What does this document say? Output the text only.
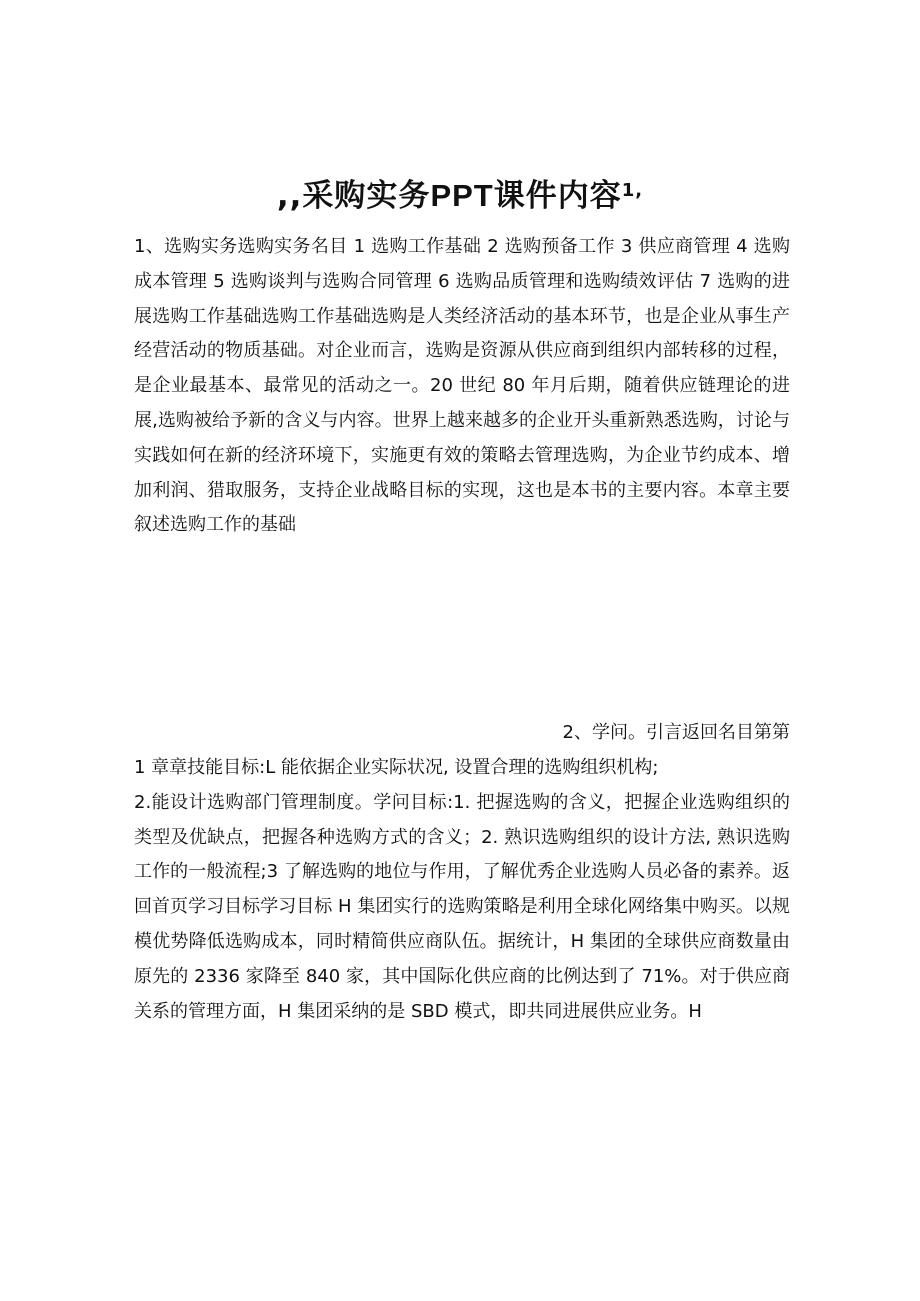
,,采购实务PPT课件内容$^{1,}$

1、选购实务选购实务名目 1 选购工作基础 2 选购预备工作 3 供应商管理 4 选购成本管理 5 选购谈判与选购合同管理 6 选购品质管理和选购绩效评估 7 选购的进展选购工作基础选购工作基础选购是人类经济活动的基本环节，也是企业从事生产经营活动的物质基础。对企业而言，选购是资源从供应商到组织内部转移的过程，是企业最基本、最常见的活动之一。20 世纪 80 年月后期，随着供应链理论的进展,选购被给予新的含义与内容。世界上越来越多的企业开头重新熟悉选购，讨论与实践如何在新的经济环境下，实施更有效的策略去管理选购，为企业节约成本、增加利润、猎取服务，支持企业战略目标的实现，这也是本书的主要内容。本章主要叙述选购工作的基础

2、学问。引言返回名目第第

1 章章技能目标:L 能依据企业实际状况, 设置合理的选购组织机构;
2.能设计选购部门管理制度。学问目标:1. 把握选购的含义，把握企业选购组织的类型及优缺点，把握各种选购方式的含义；2. 熟识选购组织的设计方法, 熟识选购工作的一般流程;3 了解选购的地位与作用，了解优秀企业选购人员必备的素养。返回首页学习目标学习目标 H 集团实行的选购策略是利用全球化网络集中购买。以规模优势降低选购成本，同时精简供应商队伍。据统计，H 集团的全球供应商数量由原先的 2336 家降至 840 家，其中国际化供应商的比例达到了 71%。对于供应商关系的管理方面，H 集团采纳的是 SBD 模式，即共同进展供应业务。H
